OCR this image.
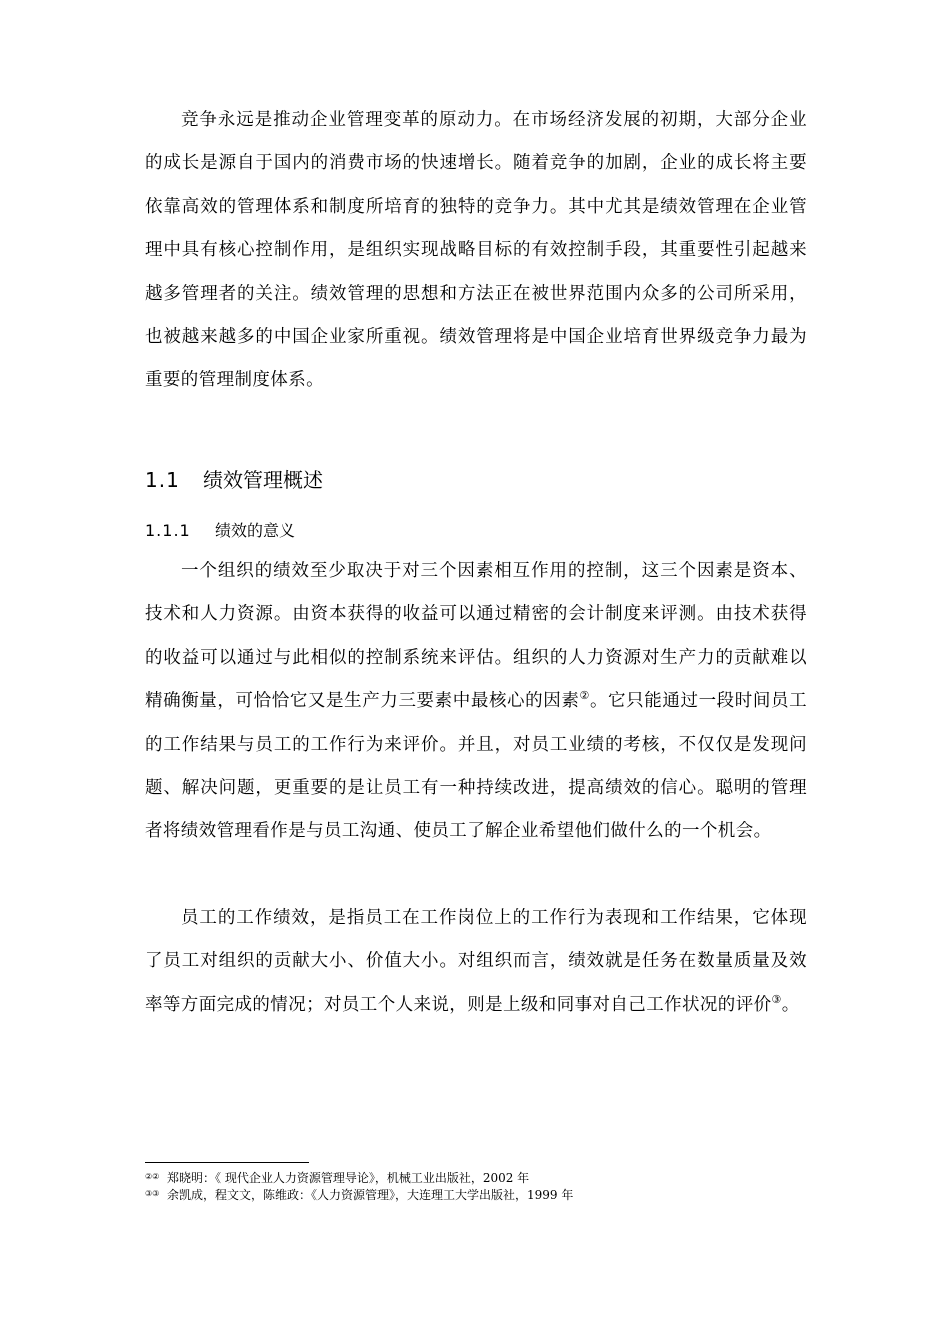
竞争永远是推动企业管理变革的原动力。在市场经济发展的初期，大部分企业的成长是源自于国内的消费市场的快速增长。随着竞争的加剧，企业的成长将主要依靠高效的管理体系和制度所培育的独特的竞争力。其中尤其是绩效管理在企业管理中具有核心控制作用，是组织实现战略目标的有效控制手段，其重要性引起越来越多管理者的关注。绩效管理的思想和方法正在被世界范围内众多的公司所采用，也被越来越多的中国企业家所重视。绩效管理将是中国企业培育世界级竞争力最为重要的管理制度体系。

1.1 绩效管理概述
1.1.1 绩效的意义

一个组织的绩效至少取决于对三个因素相互作用的控制，这三个因素是资本、技术和人力资源。由资本获得的收益可以通过精密的会计制度来评测。由技术获得的收益可以通过与此相似的控制系统来评估。组织的人力资源对生产力的贡献难以精确衡量，可恰恰它又是生产力三要素中最核心的因素②。它只能通过一段时间员工的工作结果与员工的工作行为来评价。并且，对员工业绩的考核，不仅仅是发现问题、解决问题，更重要的是让员工有一种持续改进，提高绩效的信心。聪明的管理者将绩效管理看作是与员工沟通、使员工了解企业希望他们做什么的一个机会。

员工的工作绩效，是指员工在工作岗位上的工作行为表现和工作结果，它体现了员工对组织的贡献大小、价值大小。对组织而言，绩效就是任务在数量质量及效率等方面完成的情况；对员工个人来说，则是上级和同事对自己工作状况的评价③。

②② 郑晓明：《 现代企业人力资源管理导论》，机械工业出版社，2002 年

③③ 余凯成，程文文，陈维政：《人力资源管理》，大连理工大学出版社，1999 年
